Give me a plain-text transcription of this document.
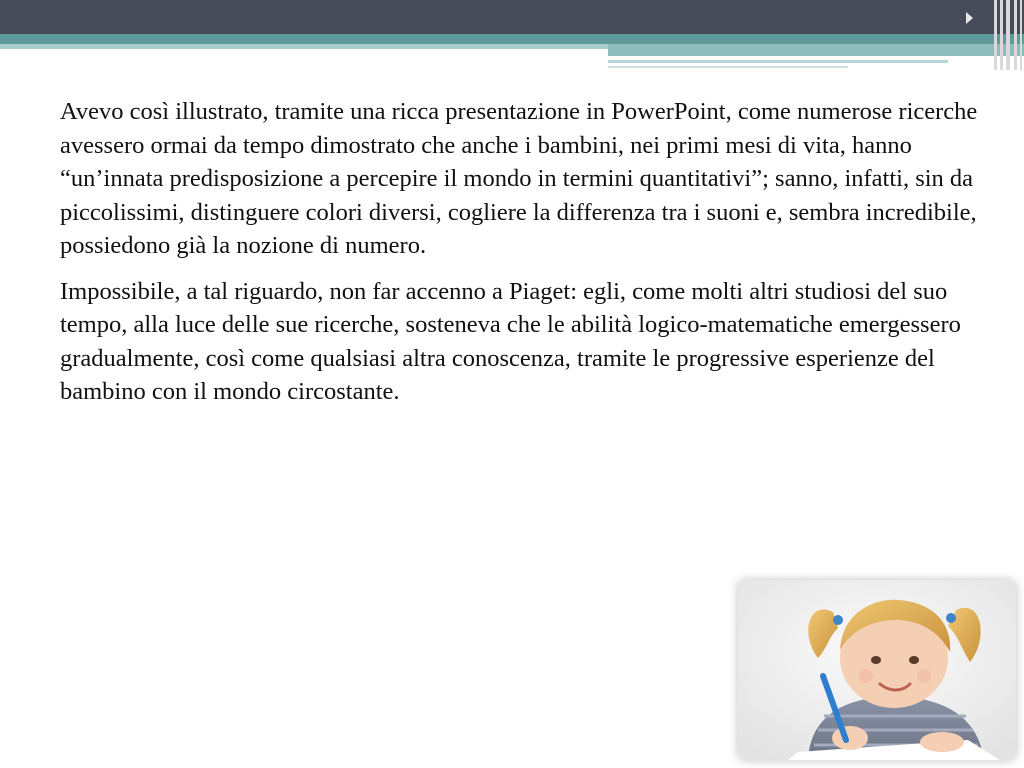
Avevo così illustrato, tramite una ricca presentazione in PowerPoint, come numerose ricerche avessero ormai da tempo dimostrato che anche i bambini, nei primi mesi di vita, hanno “un’innata predisposizione a percepire il mondo in termini quantitativi”; sanno, infatti, sin da piccolissimi, distinguere colori diversi, cogliere la differenza tra i suoni e, sembra incredibile, possiedono già la nozione di numero.

Impossibile, a tal riguardo, non far accenno a Piaget: egli, come molti altri studiosi del suo tempo, alla luce delle sue ricerche, sosteneva che le abilità logico-matematiche emergessero gradualmente, così come qualsiasi altra conoscenza, tramite le progressive esperienze del bambino con il mondo circostante.
